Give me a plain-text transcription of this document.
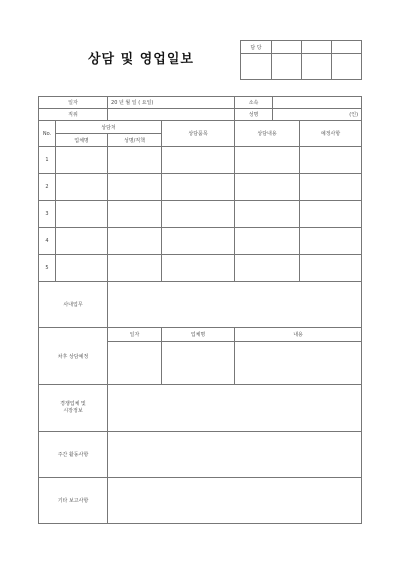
상담 및 영업일보
담 당			

일자		20 년 월 일 ( 요일)		소속		
직위				성명	(인)	
No.	상담처		상담품목	상담내용		예정사항
	업체명	성명/직책				
1						
2						
3						
4						
5						
사내업무						
차후 상담예정		일자	업체명	내용		

경쟁업체 및
시장정보						
주간 활동사항						
기타 보고사항						
